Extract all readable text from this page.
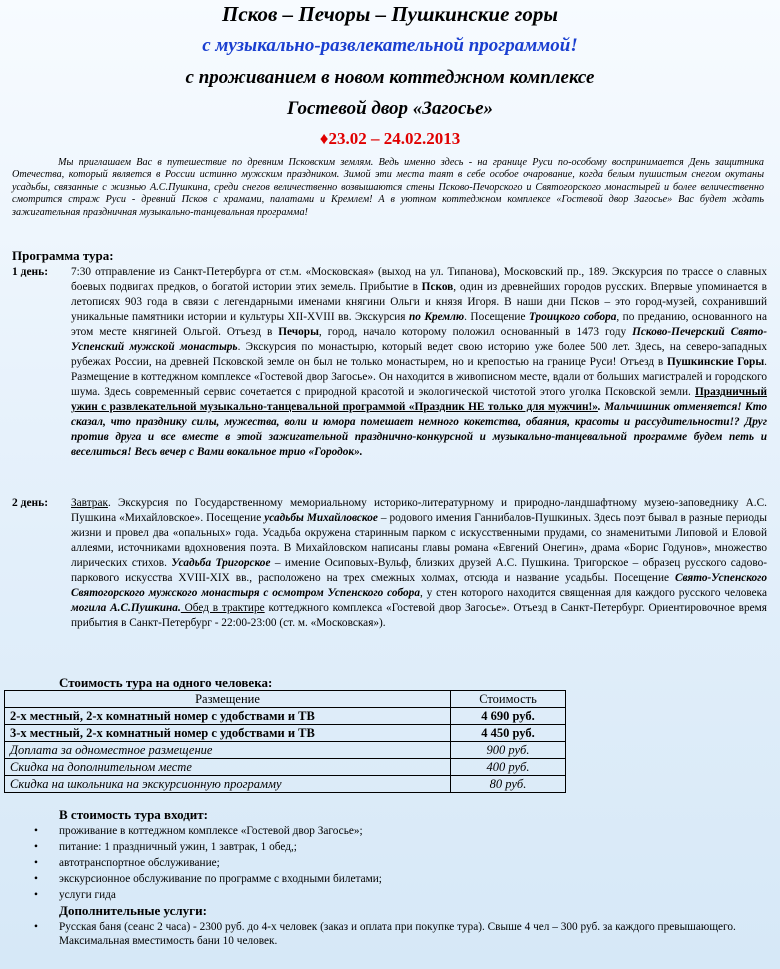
Псков – Печоры – Пушкинские горы
с музыкально-развлекательной программой!
с проживанием в новом коттеджном комплексе
Гостевой двор «Загосье»
♦23.02 – 24.02.2013
Мы приглашаем Вас в путешествие по древним Псковским землям. Ведь именно здесь - на границе Руси по-особому воспринимается День защитника Отечества, который является в России истинно мужским праздником. Зимой эти места таят в себе особое очарование, когда белым пушистым снегом окутаны усадьбы, связанные с жизнью А.С.Пушкина, среди снегов величественно возвышаются стены Псково-Печорского и Святогорского монастырей и более величественно смотрится страж Руси - древний Псков с храмами, палатами и Кремлем! А в уютном коттеджном комплексе «Гостевой двор Загосье» Вас будет ждать зажигательная праздничная музыкально-танцевальная программа!
Программа тура:
1 день: 7:30 отправление из Санкт-Петербурга от ст.м. «Московская» (выход на ул. Типанова), Московский пр., 189. Экскурсия по трассе о славных боевых подвигах предков, о богатой истории этих земель. Прибытие в Псков, один из древнейших городов русских. Впервые упоминается в летописях 903 года в связи с легендарными именами княгини Ольги и князя Игоря. В наши дни Псков – это город-музей, сохранивший уникальные памятники истории и культуры XII-XVIII вв. Экскурсия по Кремлю. Посещение Троицкого собора, по преданию, основанного на этом месте княгиней Ольгой. Отъезд в Печоры, город, начало которому положил основанный в 1473 году Псково-Печерский Свято-Успенский мужской монастырь. Экскурсия по монастырю, который ведет свою историю уже более 500 лет. Здесь, на северо-западных рубежах России, на древней Псковской земле он был не только монастырем, но и крепостью на границе Руси! Отъезд в Пушкинские Горы. Размещение в коттеджном комплексе «Гостевой двор Загосье». Он находится в живописном месте, вдали от больших магистралей и городского шума. Здесь современный сервис сочетается с природной красотой и экологической чистотой этого уголка Псковской земли. Праздничный ужин с развлекательной музыкально-танцевальной программой «Праздник НЕ только для мужчин!». Мальчишник отменяется! Кто сказал, что празднику силы, мужества, воли и юмора помешает немного кокетства, обаяния, красоты и рассудительности!? Друг против друга и все вместе в этой зажигательной празднично-конкурсной и музыкально-танцевальной программе будем петь и веселиться! Весь вечер с Вами вокальное трио «Городок».
2 день: Завтрак. Экскурсия по Государственному мемориальному историко-литературному и природно-ландшафтному музею-заповеднику А.С. Пушкина «Михайловское». Посещение усадьбы Михайловское – родового имения Ганнибалов-Пушкиных. Здесь поэт бывал в разные периоды жизни и провел два «опальных» года. Усадьба окружена старинным парком с искусственными прудами, со знаменитыми Липовой и Еловой аллеями, источниками вдохновения поэта. В Михайловском написаны главы романа «Евгений Онегин», драма «Борис Годунов», множество лирических стихов. Усадьба Тригорское – имение Осиповых-Вульф, близких друзей А.С. Пушкина. Тригорское – образец русского садово-паркового искусства XVIII-XIX вв., расположено на трех смежных холмах, отсюда и название усадьбы. Посещение Свято-Успенского Святогорского мужского монастыря с осмотром Успенского собора, у стен которого находится священная для каждого русского человека могила А.С.Пушкина. Обед в трактире коттеджного комплекса «Гостевой двор Загосье». Отъезд в Санкт-Петербург. Ориентировочное время прибытия в Санкт-Петербург - 22:00-23:00 (ст. м. «Московская»).
Стоимость тура на одного человека:
Размещение	Стоимость
2-х местный, 2-х комнатный номер с удобствами и ТВ	4 690 руб.
3-х местный, 2-х комнатный номер с удобствами и ТВ	4 450 руб.
Доплата за одноместное размещение	900 руб.
Скидка на дополнительном месте	400 руб.
Скидка на школьника на экскурсионную программу	80 руб.
В стоимость тура входит:
• проживание в коттеджном комплексе «Гостевой двор Загосье»;
• питание: 1 праздничный ужин, 1 завтрак, 1 обед,;
• автотранспортное обслуживание;
• экскурсионное обслуживание по программе с входными билетами;
• услуги гида
Дополнительные услуги:
• Русская баня (сеанс 2 часа) - 2300 руб. до 4-х человек (заказ и оплата при покупке тура). Свыше 4 чел – 300 руб. за каждого превышающего. Максимальная вместимость бани 10 человек.
